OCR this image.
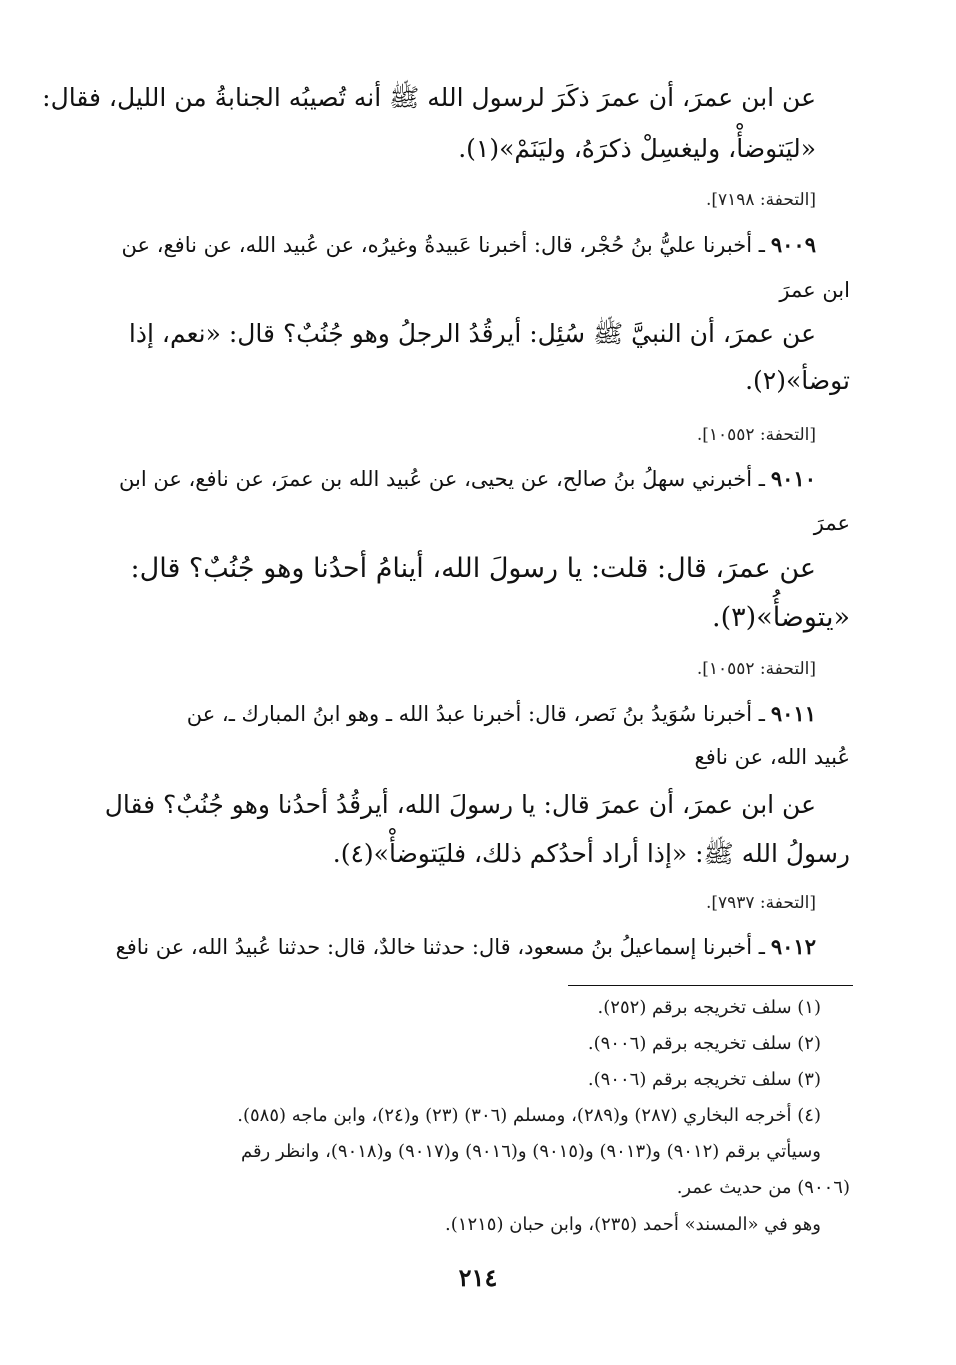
عن ابن عمرَ، أن عمرَ ذكَرَ لرسول الله ﷺ أنه تُصيبُه الجنابةُ من الليل، فقال:
«ليَتوضأْ، وليغسِلْ ذكرَهُ، وليَنَمْ»(١).
[التحفة: ٧١٩٨].
٩٠٠٩ـ أخبرنا عليُّ بنُ حُجْر، قال: أخبرنا عَبيدةُ وغيرُه، عن عُبيد الله، عن نافع، عن
ابن عمرَ
عن عمرَ، أن النبيَّ ﷺ سُئِل: أيرقُدُ الرجلُ وهو جُنُبٌ؟ قال: «نعم، إذا
توضأ»(٢).
[التحفة: ١٠٥٥٢].
٩٠١٠ـ أخبرني سهلُ بنُ صالح، عن يحيى، عن عُبيد الله بن عمرَ، عن نافع، عن ابن
عمرَ
عن عمرَ، قال: قلت: يا رسولَ الله، أينامُ أحدُنا وهو جُنُبٌ؟ قال:
«يتوضأُ»(٣).
[التحفة: ١٠٥٥٢].
٩٠١١ـ أخبرنا سُوَيدُ بنُ نَصر، قال: أخبرنا عبدُ الله ـ وهو ابنُ المبارك ـ، عن
عُبيد الله، عن نافع
عن ابن عمرَ، أن عمرَ قال: يا رسولَ الله، أيرقُدُ أحدُنا وهو جُنُبٌ؟ فقال
رسولُ الله ﷺ: «إذا أراد أحدُكم ذلك، فليَتوضأْ»(٤).
[التحفة: ٧٩٣٧].
٩٠١٢ـ أخبرنا إسماعيلُ بنُ مسعود، قال: حدثنا خالدٌ، قال: حدثنا عُبيدُ الله، عن نافع
(١) سلف تخريجه برقم (٢٥٢).
(٢) سلف تخريجه برقم (٩٠٠٦).
(٣) سلف تخريجه برقم (٩٠٠٦).
(٤) أخرجه البخاري (٢٨٧) و(٢٨٩)، ومسلم (٣٠٦) (٢٣) و(٢٤)، وابن ماجه (٥٨٥).
وسيأتي برقم (٩٠١٢) و(٩٠١٣) و(٩٠١٥) و(٩٠١٦) و(٩٠١٧) و(٩٠١٨)، وانظر رقم
(٩٠٠٦) من حديث عمر.
وهو في «المسند» أحمد (٢٣٥)، وابن حبان (١٢١٥).
٢١٤
